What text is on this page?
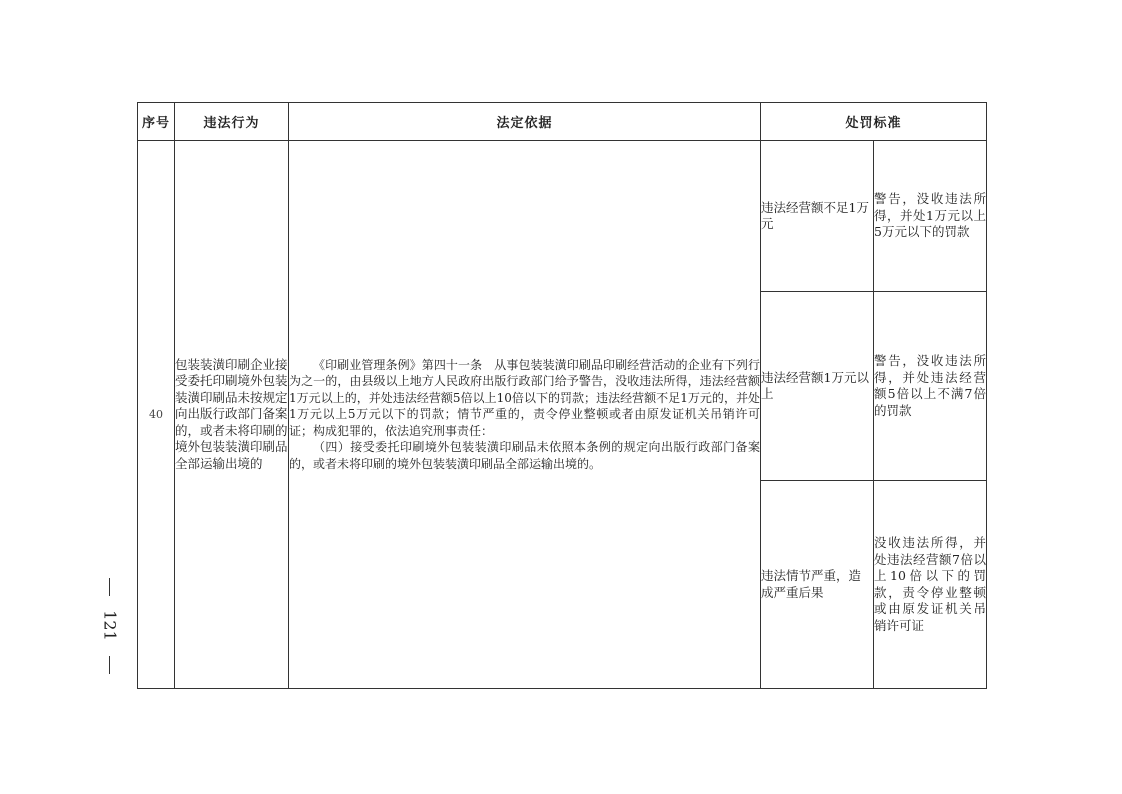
序号	违法行为	法定依据	处罚标准	
40	包装装潢印刷企业接受委托印刷境外包装装潢印刷品未按规定向出版行政部门备案的，或者未将印刷的境外包装装潢印刷品全部运输出境的	《印刷业管理条例》第四十一条　从事包装装潢印刷品印刷经营活动的企业有下列行为之一的，由县级以上地方人民政府出版行政部门给予警告，没收违法所得，违法经营额1万元以上的，并处违法经营额5倍以上10倍以下的罚款；违法经营额不足1万元的，并处1万元以上5万元以下的罚款；情节严重的，责令停业整顿或者由原发证机关吊销许可证；构成犯罪的，依法追究刑事责任：

（四）接受委托印刷境外包装装潢印刷品未依照本条例的规定向出版行政部门备案的，或者未将印刷的境外包装装潢印刷品全部运输出境的。	违法经营额不足1万元	警告，没收违法所得，并处1万元以上5万元以下的罚款
			违法经营额1万元以上	警告，没收违法所得，并处违法经营额5倍以上不满7倍的罚款
			违法情节严重，造成严重后果	没收违法所得，并处违法经营额7倍以上10倍以下的罚款，责令停业整顿或由原发证机关吊销许可证
121
